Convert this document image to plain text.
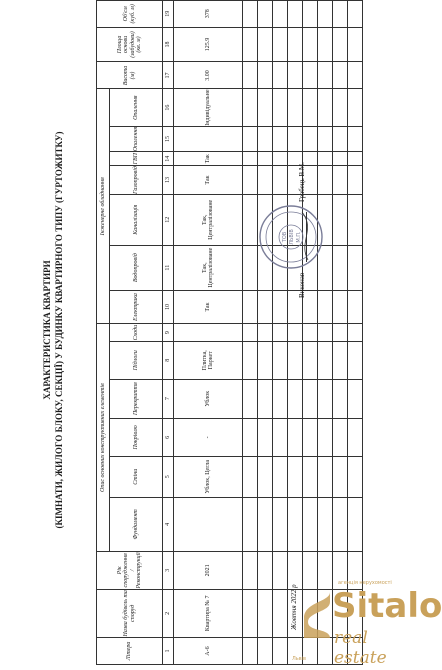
ХАРАКТЕРИСТИКА КВАРТИРИ (КІМНАТИ, ЖИЛОГО БЛОКУ, СЕКЦІЇ) У БУДИНКУ КВАРТИРНОГО ТИПУ (ГУРТОЖИТКУ)
Літера	Назва будівель та споруд	Рік спорудження / Реконструкції	Опис основних конструктивних елементів						Інженерне обладнання							Висота (м)	Площа основи (забудови) (кв. м)	Об'єм (куб. м)
			Фундамент	Стіни	Покрівлю	Перекриття	Підлоги	Сходи	Електрика	Водопровід	Каналізація	Газопровід	ГВП	Опалення	Опалення			
1	2	3	4	5	6	7	8	9	10	11	12	13	14	15	16	17	18	19
А-6	Квартира № 7	2021		Ублок, Цегла	-	Ублок	Плитка, Паркет		Так	Так, Централізоване	Так, Централізоване	Так	Так		Індивідуальне	3.00	125.9	378

ТОВ ЛЬВІВ М.П.
Виконав
Грабець В.М.
Жовтня 2022 р
агенція нерухомості
Sitalo
real estate
Львів
